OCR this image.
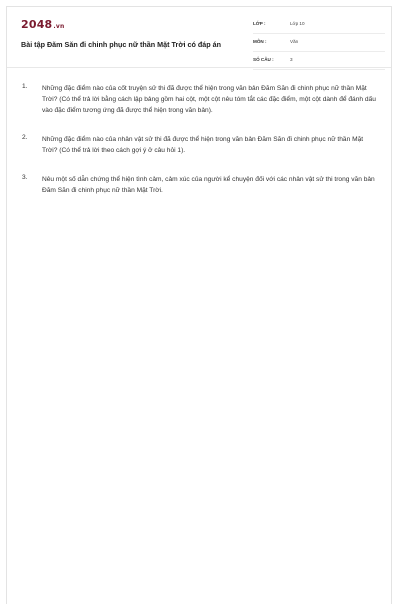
2048.vn
Bài tập Đăm Săn đi chinh phục nữ thần Mặt Trời có đáp án
LỚP :	Lớp 10
MÔN :	Văn
SỐ CÂU :	3
1. Những đặc điểm nào của cốt truyện sử thi đã được thể hiện trong văn bản Đăm Săn đi chinh phục nữ thần Mặt Trời? (Có thể trả lời bằng cách lập bảng gồm hai cột, một cột nêu tóm tắt các đặc điểm, một cột dành để đánh dấu vào đặc điểm tương ứng đã được thể hiện trong văn bản).
2. Những đặc điểm nào của nhân vật sử thi đã được thể hiện trong văn bản Đăm Săn đi chinh phục nữ thần Mặt Trời? (Có thể trả lời theo cách gợi ý ở câu hỏi 1).
3. Nêu một số dẫn chứng thể hiện tình cảm, cảm xúc của người kể chuyện đối với các nhân vật sử thi trong văn bản Đăm Săn đi chinh phục nữ thần Mặt Trời.
